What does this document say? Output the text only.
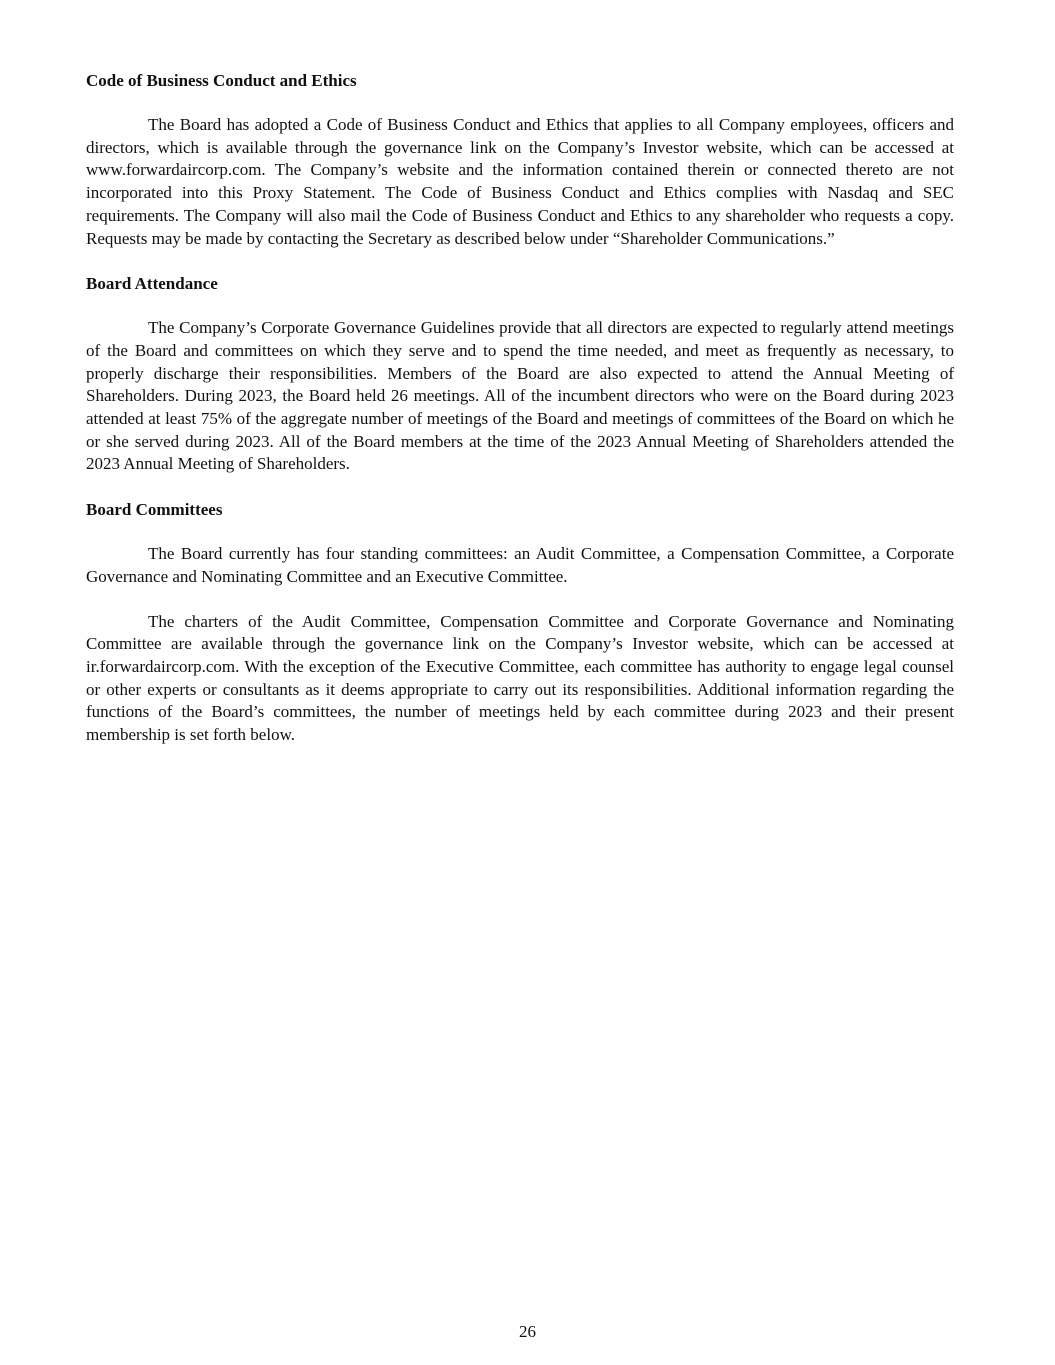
Code of Business Conduct and Ethics

The Board has adopted a Code of Business Conduct and Ethics that applies to all Company employees, officers and directors, which is available through the governance link on the Company’s Investor website, which can be accessed at www.forwardaircorp.com. The Company’s website and the information contained therein or connected thereto are not incorporated into this Proxy Statement. The Code of Business Conduct and Ethics complies with Nasdaq and SEC requirements. The Company will also mail the Code of Business Conduct and Ethics to any shareholder who requests a copy. Requests may be made by contacting the Secretary as described below under “Shareholder Communications.”

Board Attendance

The Company’s Corporate Governance Guidelines provide that all directors are expected to regularly attend meetings of the Board and committees on which they serve and to spend the time needed, and meet as frequently as necessary, to properly discharge their responsibilities. Members of the Board are also expected to attend the Annual Meeting of Shareholders. During 2023, the Board held 26 meetings. All of the incumbent directors who were on the Board during 2023 attended at least 75% of the aggregate number of meetings of the Board and meetings of committees of the Board on which he or she served during 2023. All of the Board members at the time of the 2023 Annual Meeting of Shareholders attended the 2023 Annual Meeting of Shareholders.

Board Committees

The Board currently has four standing committees: an Audit Committee, a Compensation Committee, a Corporate Governance and Nominating Committee and an Executive Committee.

The charters of the Audit Committee, Compensation Committee and Corporate Governance and Nominating Committee are available through the governance link on the Company’s Investor website, which can be accessed at ir.forwardaircorp.com. With the exception of the Executive Committee, each committee has authority to engage legal counsel or other experts or consultants as it deems appropriate to carry out its responsibilities. Additional information regarding the functions of the Board’s committees, the number of meetings held by each committee during 2023 and their present membership is set forth below.

26
